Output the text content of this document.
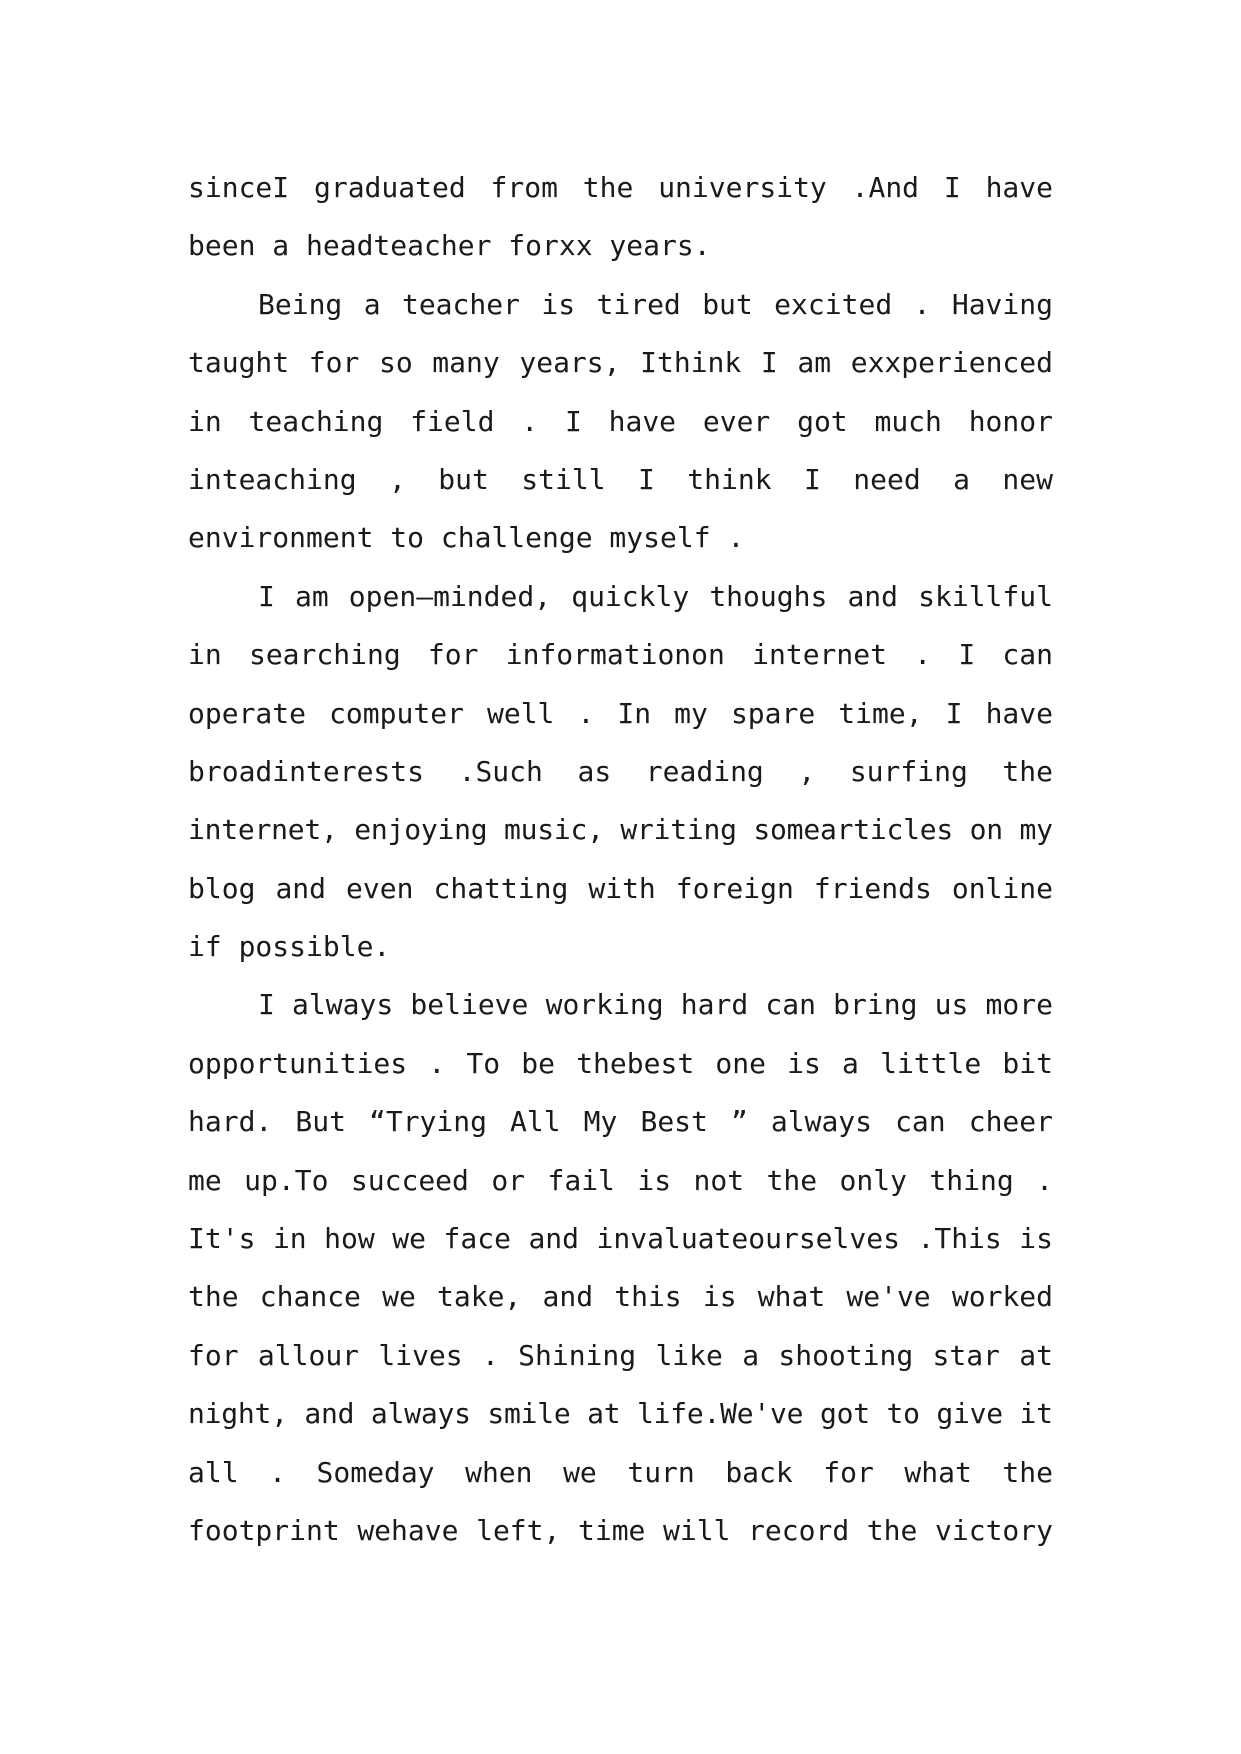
sinceI graduated from the university .And I have
been a headteacher forxx years.
Being a teacher is tired but excited . Having
taught for so many years, Ithink I am exxperienced
in teaching field . I have ever got much honor
inteaching , but still I think I need a new
environment to challenge myself .
I am open—minded, quickly thoughs and skillful
in searching for informationon internet . I can
operate computer well . In my spare time, I have
broadinterests .Such as reading , surfing the
internet, enjoying music, writing somearticles on my
blog and even chatting with foreign friends online
if possible.
I always believe working hard can bring us more
opportunities . To be thebest one is a little bit
hard. But “Trying All My Best ” always can cheer
me up.To succeed or fail is not the only thing .
It's in how we face and invaluateourselves .This is
the chance we take, and this is what we've worked
for allour lives . Shining like a shooting star at
night, and always smile at life.We've got to give it
all . Someday when we turn back for what the
footprint wehave left, time will record the victory
